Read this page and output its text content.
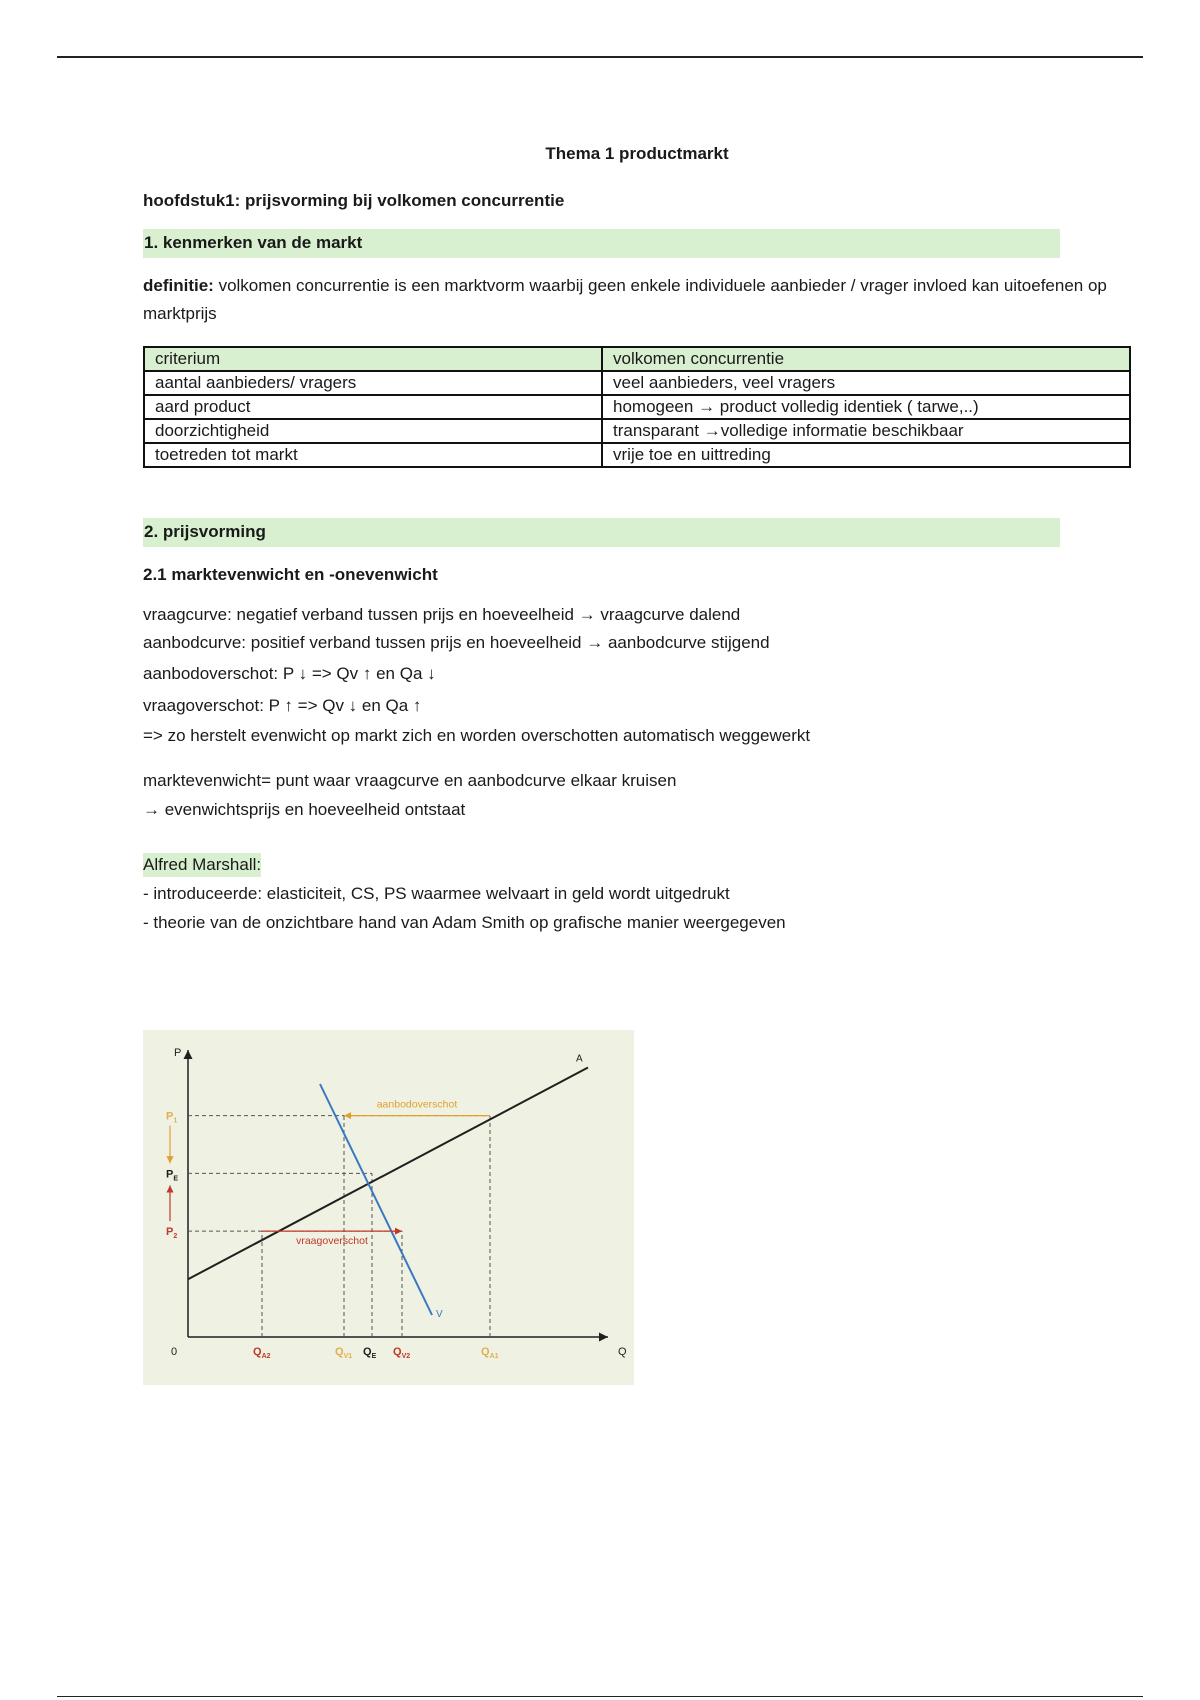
Thema 1 productmarkt
hoofdstuk1: prijsvorming bij volkomen concurrentie
1. kenmerken van de markt
definitie: volkomen concurrentie is een marktvorm waarbij geen enkele individuele aanbieder / vrager invloed kan uitoefenen op marktprijs
criterium	volkomen concurrentie
aantal aanbieders/ vragers	veel aanbieders, veel vragers
aard product	homogeen → product volledig identiek ( tarwe,..)
doorzichtigheid	transparant →volledige informatie beschikbaar
toetreden tot markt	vrije toe en uittreding
2. prijsvorming
2.1 marktevenwicht en -onevenwicht
vraagcurve: negatief verband tussen prijs en hoeveelheid → vraagcurve dalend
aanbodcurve: positief verband tussen prijs en hoeveelheid → aanbodcurve stijgend
aanbodoverschot: P ↓ => Qv ↑ en Qa ↓
vraagoverschot: P ↑ => Qv ↓ en Qa ↑
=> zo herstelt evenwicht op markt zich en worden overschotten automatisch weggewerkt
marktevenwicht= punt waar vraagcurve en aanbodcurve elkaar kruisen
→ evenwichtsprijs en hoeveelheid ontstaat
Alfred Marshall:
- introduceerde: elasticiteit, CS, PS waarmee welvaart in geld wordt uitgedrukt
- theorie van de onzichtbare hand van Adam Smith op grafische manier weergegeven
Q
P
0
$P_1$
$P_E$
$P_2$
$Q_{A2}$	$Q_{V1}$ $Q_E$ $Q_{V2}$	$Q_{A1}$
A
V
aanbodoverschot
vraagoverschot
